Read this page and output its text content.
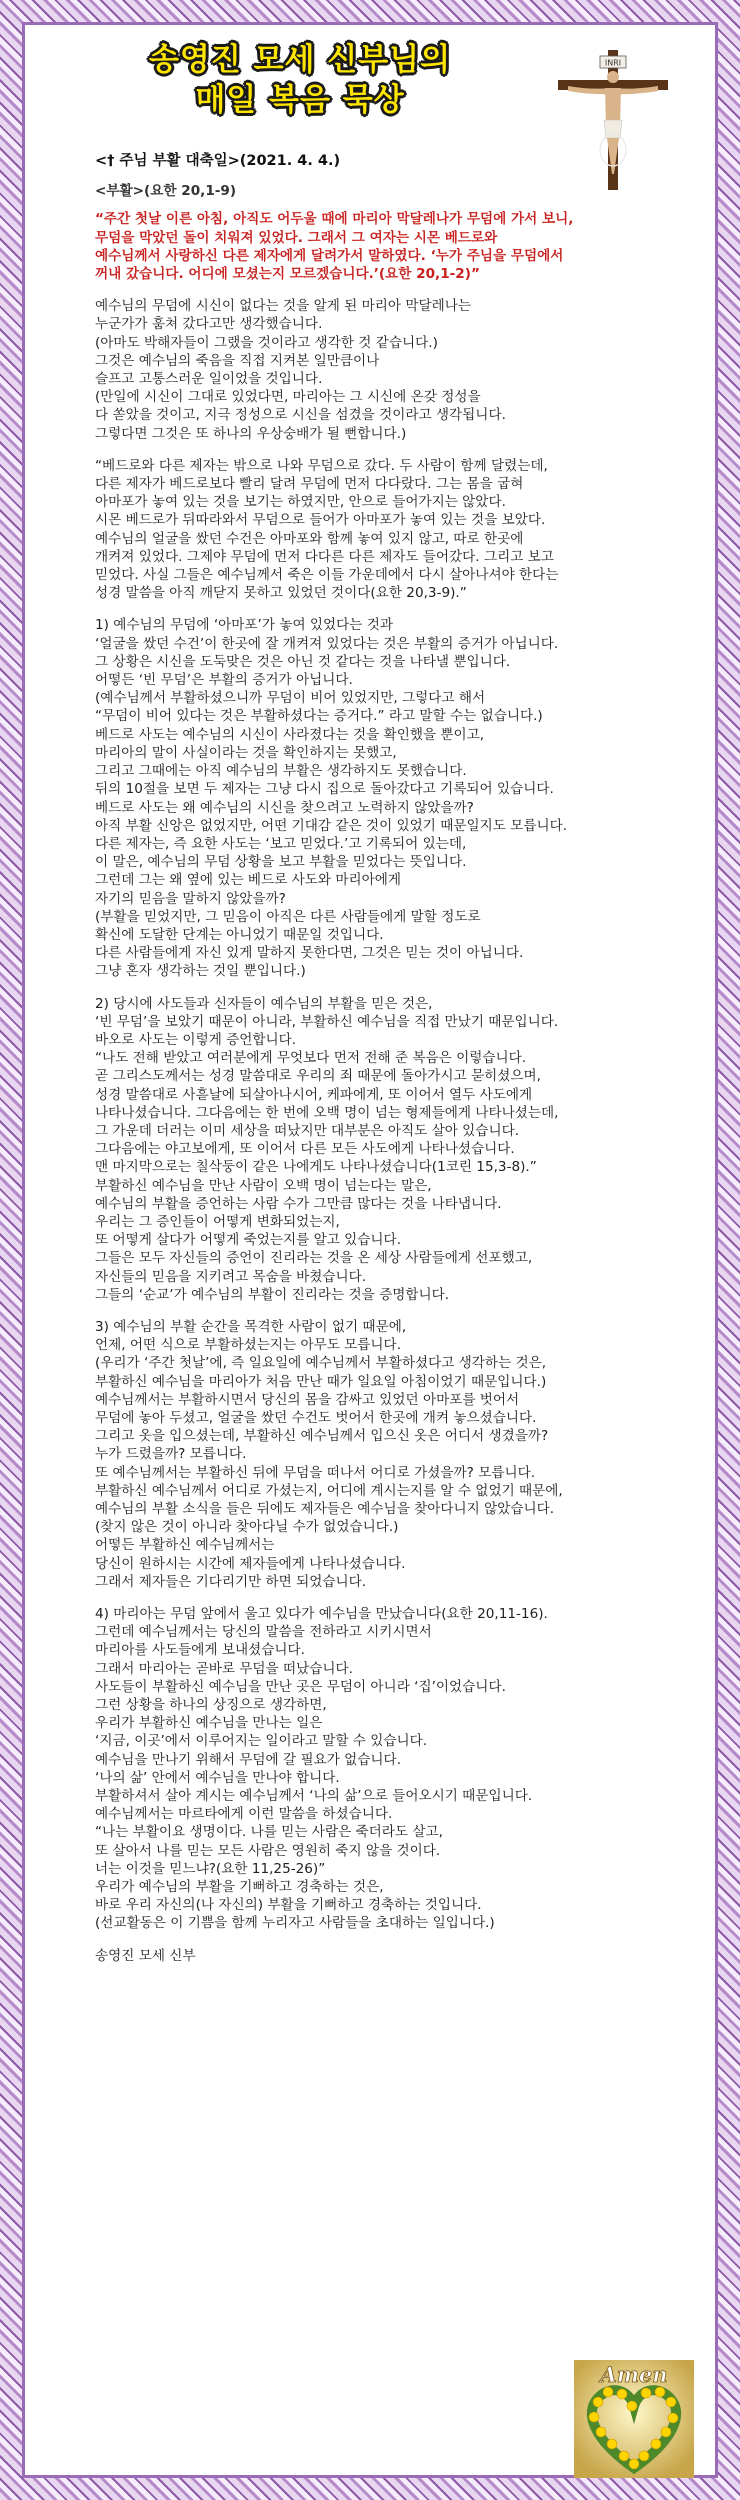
송영진 모세 신부님의
매일 복음 묵상
INRI

<† 주님 부활 대축일>(2021. 4. 4.)

<부활>(요한 20,1-9)

“주간 첫날 이른 아침, 아직도 어두울 때에 마리아 막달레나가 무덤에 가서 보니,
무덤을 막았던 돌이 치워져 있었다. 그래서 그 여자는 시몬 베드로와
예수님께서 사랑하신 다른 제자에게 달려가서 말하였다. ‘누가 주님을 무덤에서
꺼내 갔습니다. 어디에 모셨는지 모르겠습니다.’(요한 20,1-2)”

예수님의 무덤에 시신이 없다는 것을 알게 된 마리아 막달레나는
누군가가 훔쳐 갔다고만 생각했습니다.
(아마도 박해자들이 그랬을 것이라고 생각한 것 같습니다.)
그것은 예수님의 죽음을 직접 지켜본 일만큼이나
슬프고 고통스러운 일이었을 것입니다.
(만일에 시신이 그대로 있었다면, 마리아는 그 시신에 온갖 정성을
다 쏟았을 것이고, 지극 정성으로 시신을 섬겼을 것이라고 생각됩니다.
그렇다면 그것은 또 하나의 우상숭배가 될 뻔합니다.)

“베드로와 다른 제자는 밖으로 나와 무덤으로 갔다. 두 사람이 함께 달렸는데,
다른 제자가 베드로보다 빨리 달려 무덤에 먼저 다다랐다. 그는 몸을 굽혀
아마포가 놓여 있는 것을 보기는 하였지만, 안으로 들어가지는 않았다.
시몬 베드로가 뒤따라와서 무덤으로 들어가 아마포가 놓여 있는 것을 보았다.
예수님의 얼굴을 쌌던 수건은 아마포와 함께 놓여 있지 않고, 따로 한곳에
개켜져 있었다. 그제야 무덤에 먼저 다다른 다른 제자도 들어갔다. 그리고 보고
믿었다. 사실 그들은 예수님께서 죽은 이들 가운데에서 다시 살아나셔야 한다는
성경 말씀을 아직 깨닫지 못하고 있었던 것이다(요한 20,3-9).”

1) 예수님의 무덤에 ‘아마포’가 놓여 있었다는 것과
‘얼굴을 쌌던 수건’이 한곳에 잘 개켜져 있었다는 것은 부활의 증거가 아닙니다.
그 상황은 시신을 도둑맞은 것은 아닌 것 같다는 것을 나타낼 뿐입니다.
어떻든 ‘빈 무덤’은 부활의 증거가 아닙니다.
(예수님께서 부활하셨으니까 무덤이 비어 있었지만, 그렇다고 해서
“무덤이 비어 있다는 것은 부활하셨다는 증거다.” 라고 말할 수는 없습니다.)
베드로 사도는 예수님의 시신이 사라졌다는 것을 확인했을 뿐이고,
마리아의 말이 사실이라는 것을 확인하지는 못했고,
그리고 그때에는 아직 예수님의 부활은 생각하지도 못했습니다.
뒤의 10절을 보면 두 제자는 그냥 다시 집으로 돌아갔다고 기록되어 있습니다.
베드로 사도는 왜 예수님의 시신을 찾으려고 노력하지 않았을까?
아직 부활 신앙은 없었지만, 어떤 기대감 같은 것이 있었기 때문일지도 모릅니다.
다른 제자는, 즉 요한 사도는 ‘보고 믿었다.’고 기록되어 있는데,
이 말은, 예수님의 무덤 상황을 보고 부활을 믿었다는 뜻입니다.
그런데 그는 왜 옆에 있는 베드로 사도와 마리아에게
자기의 믿음을 말하지 않았을까?
(부활을 믿었지만, 그 믿음이 아직은 다른 사람들에게 말할 정도로
확신에 도달한 단계는 아니었기 때문일 것입니다.
다른 사람들에게 자신 있게 말하지 못한다면, 그것은 믿는 것이 아닙니다.
그냥 혼자 생각하는 것일 뿐입니다.)

2) 당시에 사도들과 신자들이 예수님의 부활을 믿은 것은,
‘빈 무덤’을 보았기 때문이 아니라, 부활하신 예수님을 직접 만났기 때문입니다.
바오로 사도는 이렇게 증언합니다.
“나도 전해 받았고 여러분에게 무엇보다 먼저 전해 준 복음은 이렇습니다.
곧 그리스도께서는 성경 말씀대로 우리의 죄 때문에 돌아가시고 묻히셨으며,
성경 말씀대로 사흗날에 되살아나시어, 케파에게, 또 이어서 열두 사도에게
나타나셨습니다. 그다음에는 한 번에 오백 명이 넘는 형제들에게 나타나셨는데,
그 가운데 더러는 이미 세상을 떠났지만 대부분은 아직도 살아 있습니다.
그다음에는 야고보에게, 또 이어서 다른 모든 사도에게 나타나셨습니다.
맨 마지막으로는 칠삭둥이 같은 나에게도 나타나셨습니다(1코린 15,3-8).”
부활하신 예수님을 만난 사람이 오백 명이 넘는다는 말은,
예수님의 부활을 증언하는 사람 수가 그만큼 많다는 것을 나타냅니다.
우리는 그 증인들이 어떻게 변화되었는지,
또 어떻게 살다가 어떻게 죽었는지를 알고 있습니다.
그들은 모두 자신들의 증언이 진리라는 것을 온 세상 사람들에게 선포했고,
자신들의 믿음을 지키려고 목숨을 바쳤습니다.
그들의 ‘순교’가 예수님의 부활이 진리라는 것을 증명합니다.

3) 예수님의 부활 순간을 목격한 사람이 없기 때문에,
언제, 어떤 식으로 부활하셨는지는 아무도 모릅니다.
(우리가 ‘주간 첫날’에, 즉 일요일에 예수님께서 부활하셨다고 생각하는 것은,
부활하신 예수님을 마리아가 처음 만난 때가 일요일 아침이었기 때문입니다.)
예수님께서는 부활하시면서 당신의 몸을 감싸고 있었던 아마포를 벗어서
무덤에 놓아 두셨고, 얼굴을 쌌던 수건도 벗어서 한곳에 개켜 놓으셨습니다.
그리고 옷을 입으셨는데, 부활하신 예수님께서 입으신 옷은 어디서 생겼을까?
누가 드렸을까? 모릅니다.
또 예수님께서는 부활하신 뒤에 무덤을 떠나서 어디로 가셨을까? 모릅니다.
부활하신 예수님께서 어디로 가셨는지, 어디에 계시는지를 알 수 없었기 때문에,
예수님의 부활 소식을 들은 뒤에도 제자들은 예수님을 찾아다니지 않았습니다.
(찾지 않은 것이 아니라 찾아다닐 수가 없었습니다.)
어떻든 부활하신 예수님께서는
당신이 원하시는 시간에 제자들에게 나타나셨습니다.
그래서 제자들은 기다리기만 하면 되었습니다.

4) 마리아는 무덤 앞에서 울고 있다가 예수님을 만났습니다(요한 20,11-16).
그런데 예수님께서는 당신의 말씀을 전하라고 시키시면서
마리아를 사도들에게 보내셨습니다.
그래서 마리아는 곧바로 무덤을 떠났습니다.
사도들이 부활하신 예수님을 만난 곳은 무덤이 아니라 ‘집’이었습니다.
그런 상황을 하나의 상징으로 생각하면,
우리가 부활하신 예수님을 만나는 일은
‘지금, 이곳’에서 이루어지는 일이라고 말할 수 있습니다.
예수님을 만나기 위해서 무덤에 갈 필요가 없습니다.
‘나의 삶’ 안에서 예수님을 만나야 합니다.
부활하셔서 살아 계시는 예수님께서 ‘나의 삶’으로 들어오시기 때문입니다.
예수님께서는 마르타에게 이런 말씀을 하셨습니다.
“나는 부활이요 생명이다. 나를 믿는 사람은 죽더라도 살고,
또 살아서 나를 믿는 모든 사람은 영원히 죽지 않을 것이다.
너는 이것을 믿느냐?(요한 11,25-26)”
우리가 예수님의 부활을 기뻐하고 경축하는 것은,
바로 우리 자신의(나 자신의) 부활을 기뻐하고 경축하는 것입니다.
(선교활동은 이 기쁨을 함께 누리자고 사람들을 초대하는 일입니다.)

송영진 모세 신부

Amen
